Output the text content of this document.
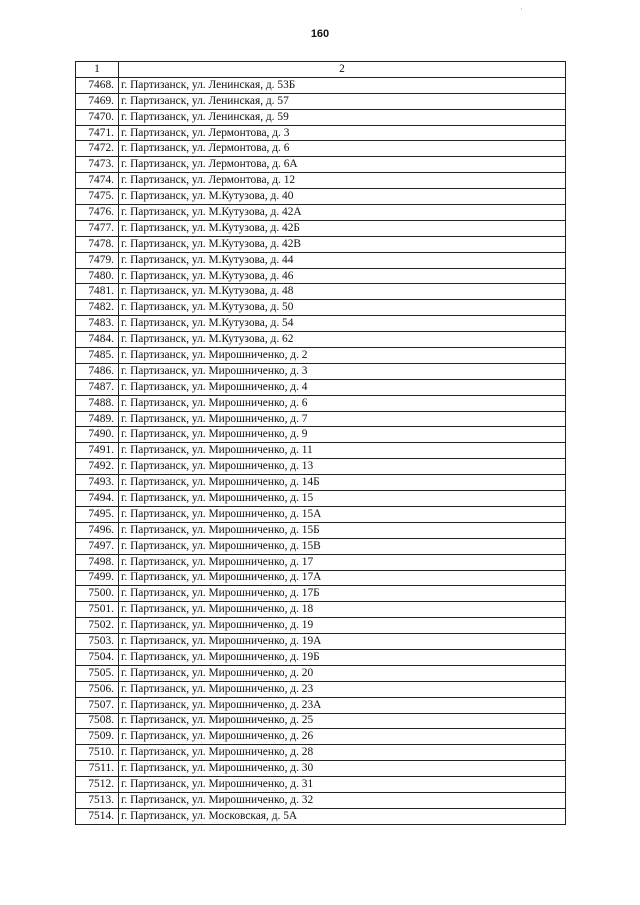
·
160
1	2
7468.	г. Партизанск, ул. Ленинская, д. 53Б
7469.	г. Партизанск, ул. Ленинская, д. 57
7470.	г. Партизанск, ул. Ленинская, д. 59
7471.	г. Партизанск, ул. Лермонтова, д. 3
7472.	г. Партизанск, ул. Лермонтова, д. 6
7473.	г. Партизанск, ул. Лермонтова, д. 6А
7474.	г. Партизанск, ул. Лермонтова, д. 12
7475.	г. Партизанск, ул. М.Кутузова, д. 40
7476.	г. Партизанск, ул. М.Кутузова, д. 42А
7477.	г. Партизанск, ул. М.Кутузова, д. 42Б
7478.	г. Партизанск, ул. М.Кутузова, д. 42В
7479.	г. Партизанск, ул. М.Кутузова, д. 44
7480.	г. Партизанск, ул. М.Кутузова, д. 46
7481.	г. Партизанск, ул. М.Кутузова, д. 48
7482.	г. Партизанск, ул. М.Кутузова, д. 50
7483.	г. Партизанск, ул. М.Кутузова, д. 54
7484.	г. Партизанск, ул. М.Кутузова, д. 62
7485.	г. Партизанск, ул. Мирошниченко, д. 2
7486.	г. Партизанск, ул. Мирошниченко, д. 3
7487.	г. Партизанск, ул. Мирошниченко, д. 4
7488.	г. Партизанск, ул. Мирошниченко, д. 6
7489.	г. Партизанск, ул. Мирошниченко, д. 7
7490.	г. Партизанск, ул. Мирошниченко, д. 9
7491.	г. Партизанск, ул. Мирошниченко, д. 11
7492.	г. Партизанск, ул. Мирошниченко, д. 13
7493.	г. Партизанск, ул. Мирошниченко, д. 14Б
7494.	г. Партизанск, ул. Мирошниченко, д. 15
7495.	г. Партизанск, ул. Мирошниченко, д. 15А
7496.	г. Партизанск, ул. Мирошниченко, д. 15Б
7497.	г. Партизанск, ул. Мирошниченко, д. 15В
7498.	г. Партизанск, ул. Мирошниченко, д. 17
7499.	г. Партизанск, ул. Мирошниченко, д. 17А
7500.	г. Партизанск, ул. Мирошниченко, д. 17Б
7501.	г. Партизанск, ул. Мирошниченко, д. 18
7502.	г. Партизанск, ул. Мирошниченко, д. 19
7503.	г. Партизанск, ул. Мирошниченко, д. 19А
7504.	г. Партизанск, ул. Мирошниченко, д. 19Б
7505.	г. Партизанск, ул. Мирошниченко, д. 20
7506.	г. Партизанск, ул. Мирошниченко, д. 23
7507.	г. Партизанск, ул. Мирошниченко, д. 23А
7508.	г. Партизанск, ул. Мирошниченко, д. 25
7509.	г. Партизанск, ул. Мирошниченко, д. 26
7510.	г. Партизанск, ул. Мирошниченко, д. 28
7511.	г. Партизанск, ул. Мирошниченко, д. 30
7512.	г. Партизанск, ул. Мирошниченко, д. 31
7513.	г. Партизанск, ул. Мирошниченко, д. 32
7514.	г. Партизанск, ул. Московская, д. 5А
